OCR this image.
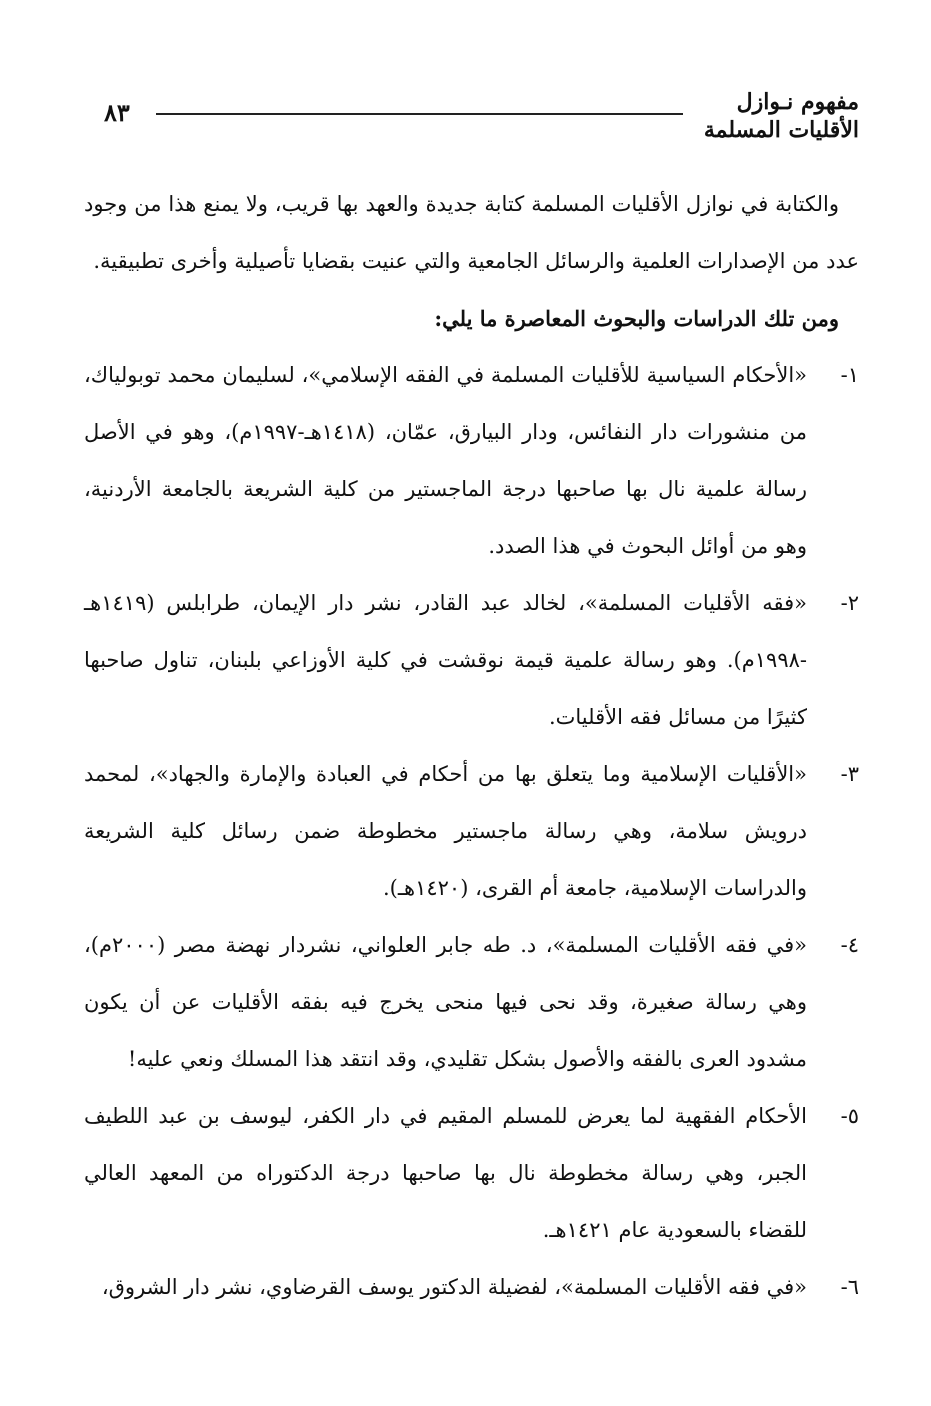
مفهوم نـوازل
الأقليات المسلمة
٨٣

والكتابة في نوازل الأقليات المسلمة كتابة جديدة والعهد بها قريب، ولا يمنع هذا من وجود عدد من الإصدارات العلمية والرسائل الجامعية والتي عنيت بقضايا تأصيلية وأخرى تطبيقية.

ومن تلك الدراسات والبحوث المعاصرة ما يلي:

١-
«الأحكام السياسية للأقليات المسلمة في الفقه الإسلامي»، لسليمان محمد توبولياك، من منشورات دار النفائس، ودار البيارق، عمّان، (١٤١٨هـ-١٩٩٧م)، وهو في الأصل رسالة علمية نال بها صاحبها درجة الماجستير من كلية الشريعة بالجامعة الأردنية، وهو من أوائل البحوث في هذا الصدد.
٢-
«فقه الأقليات المسلمة»، لخالد عبد القادر، نشر دار الإيمان، طرابلس (١٤١٩هـ -١٩٩٨م). وهو رسالة علمية قيمة نوقشت في كلية الأوزاعي بلبنان، تناول صاحبها كثيرًا من مسائل فقه الأقليات.
٣-
«الأقليات الإسلامية وما يتعلق بها من أحكام في العبادة والإمارة والجهاد»، لمحمد درويش سلامة، وهي رسالة ماجستير مخطوطة ضمن رسائل كلية الشريعة والدراسات الإسلامية، جامعة أم القرى، (١٤٢٠هـ).
٤-
«في فقه الأقليات المسلمة»، د. طه جابر العلواني، نشردار نهضة مصر (٢٠٠٠م)، وهي رسالة صغيرة، وقد نحى فيها منحى يخرج فيه بفقه الأقليات عن أن يكون مشدود العرى بالفقه والأصول بشكل تقليدي، وقد انتقد هذا المسلك ونعي عليه!
٥-
الأحكام الفقهية لما يعرض للمسلم المقيم في دار الكفر، ليوسف بن عبد اللطيف الجبر، وهي رسالة مخطوطة نال بها صاحبها درجة الدكتوراه من المعهد العالي للقضاء بالسعودية عام ١٤٢١هـ.
٦-
«في فقه الأقليات المسلمة»، لفضيلة الدكتور يوسف القرضاوي، نشر دار الشروق،
